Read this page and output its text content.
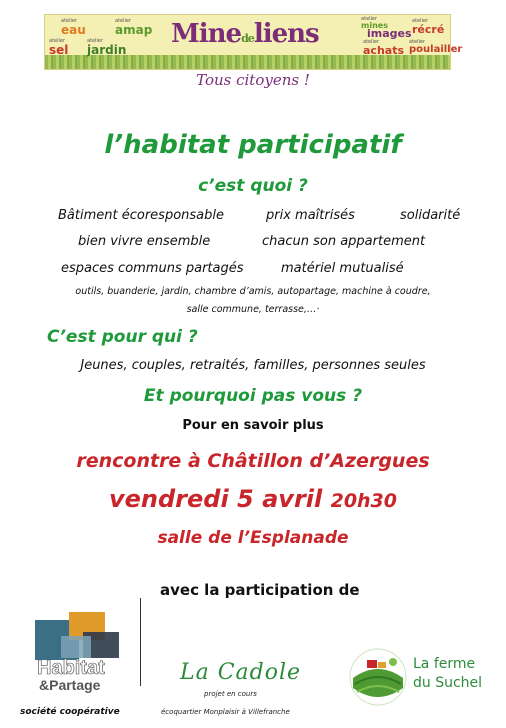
atelier
eau
atelier
amap
atelier
sel
atelier
jardin
atelier
mines
images
atelier
récré
atelier
achats
atelier
poulailler
Minedeliens
Tous citoyens !
l’habitat participatif
c’est quoi ?
Bâtiment écoresponsable	prix maîtrisés	solidarité
bien vivre ensemble	chacun son appartement
espaces communs partagés	matériel mutualisé
outils, buanderie, jardin, chambre d’amis, autopartage, machine à coudre,
salle commune, terrasse,…·
C’est pour qui ?
Jeunes, couples, retraités, familles, personnes seules
Et pourquoi pas vous ?
Pour en savoir plus
rencontre à Châtillon d’Azergues
vendredi 5 avril 20h30
salle de l’Esplanade
avec la participation de
Habitat
&Partage
société coopérative
La Cadole
projet en cours
écoquartier Monplaisir à Villefranche
La ferme
du Suchel
